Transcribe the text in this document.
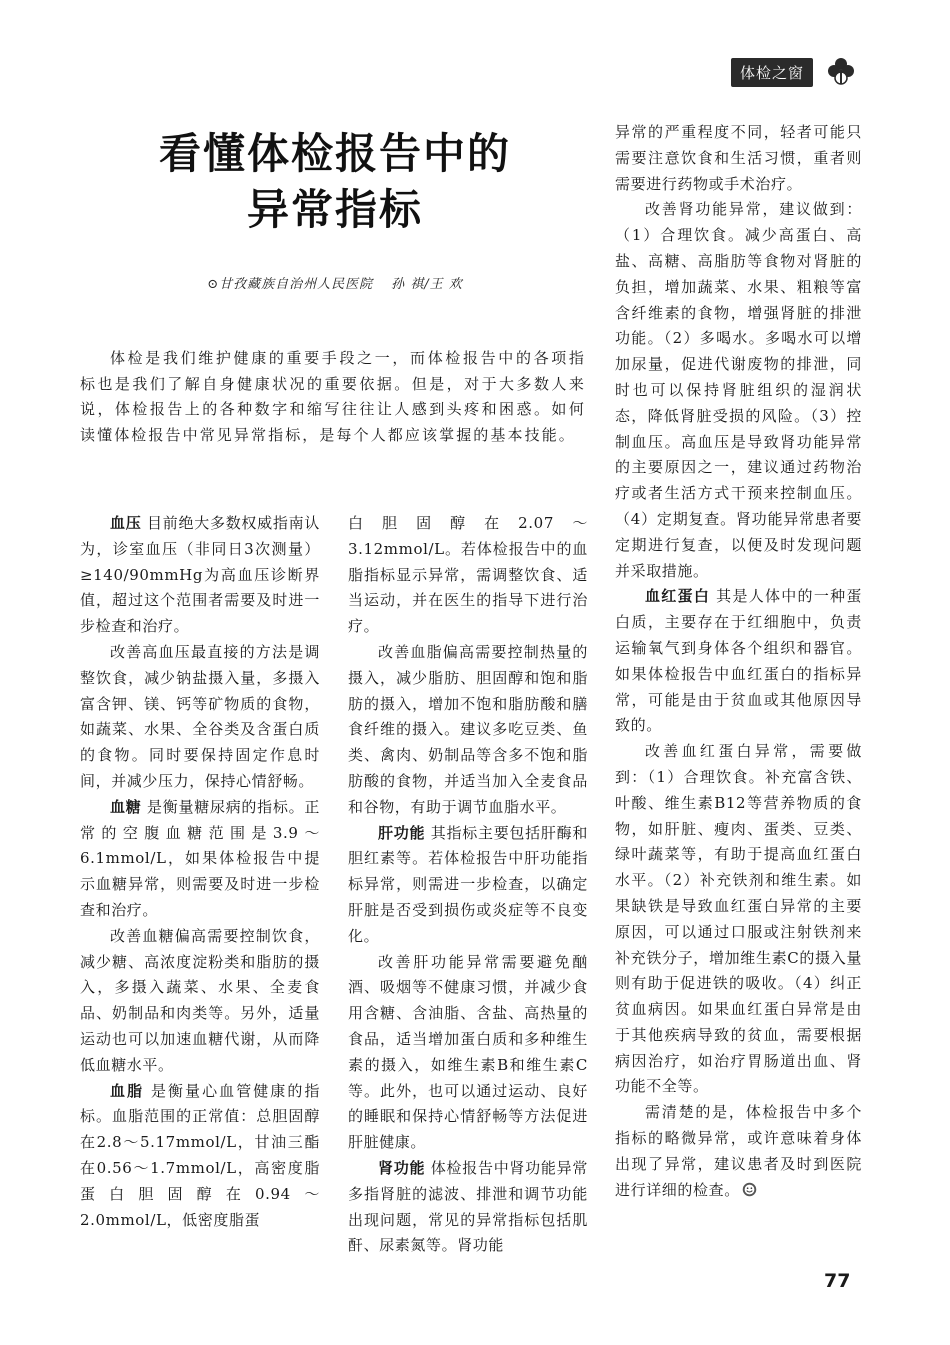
体检之窗
看懂体检报告中的
异常指标
⊙甘孜藏族自治州人民医院 孙 祺/王 欢
体检是我们维护健康的重要手段之一，而体检报告中的各项指标也是我们了解自身健康状况的重要依据。但是，对于大多数人来说，体检报告上的各种数字和缩写往往让人感到头疼和困惑。如何读懂体检报告中常见异常指标，是每个人都应该掌握的基本技能。

血压 目前绝大多数权威指南认为，诊室血压（非同日3次测量）≥140/90mmHg为高血压诊断界值，超过这个范围者需要及时进一步检查和治疗。

改善高血压最直接的方法是调整饮食，减少钠盐摄入量，多摄入富含钾、镁、钙等矿物质的食物，如蔬菜、水果、全谷类及含蛋白质的食物。同时要保持固定作息时间，并减少压力，保持心情舒畅。

血糖 是衡量糖尿病的指标。正常的空腹血糖范围是3.9～6.1mmol/L，如果体检报告中提示血糖异常，则需要及时进一步检查和治疗。

改善血糖偏高需要控制饮食，减少糖、高浓度淀粉类和脂肪的摄入，多摄入蔬菜、水果、全麦食品、奶制品和肉类等。另外，适量运动也可以加速血糖代谢，从而降低血糖水平。

血脂 是衡量心血管健康的指标。血脂范围的正常值：总胆固醇在2.8～5.17mmol/L，甘油三酯在0.56～1.7mmol/L，高密度脂蛋白胆固醇在0.94～2.0mmol/L，低密度脂蛋

白胆固醇在2.07～3.12mmol/L。若体检报告中的血脂指标显示异常，需调整饮食、适当运动，并在医生的指导下进行治疗。

改善血脂偏高需要控制热量的摄入，减少脂肪、胆固醇和饱和脂肪的摄入，增加不饱和脂肪酸和膳食纤维的摄入。建议多吃豆类、鱼类、禽肉、奶制品等含多不饱和脂肪酸的食物，并适当加入全麦食品和谷物，有助于调节血脂水平。

肝功能 其指标主要包括肝酶和胆红素等。若体检报告中肝功能指标异常，则需进一步检查，以确定肝脏是否受到损伤或炎症等不良变化。

改善肝功能异常需要避免酗酒、吸烟等不健康习惯，并减少食用含糖、含油脂、含盐、高热量的食品，适当增加蛋白质和多种维生素的摄入，如维生素B和维生素C等。此外，也可以通过运动、良好的睡眠和保持心情舒畅等方法促进肝脏健康。

肾功能 体检报告中肾功能异常多指肾脏的滤波、排泄和调节功能出现问题，常见的异常指标包括肌酐、尿素氮等。肾功能

异常的严重程度不同，轻者可能只需要注意饮食和生活习惯，重者则需要进行药物或手术治疗。

改善肾功能异常，建议做到：（1）合理饮食。减少高蛋白、高盐、高糖、高脂肪等食物对肾脏的负担，增加蔬菜、水果、粗粮等富含纤维素的食物，增强肾脏的排泄功能。（2）多喝水。多喝水可以增加尿量，促进代谢废物的排泄，同时也可以保持肾脏组织的湿润状态，降低肾脏受损的风险。（3）控制血压。高血压是导致肾功能异常的主要原因之一，建议通过药物治疗或者生活方式干预来控制血压。（4）定期复查。肾功能异常患者要定期进行复查，以便及时发现问题并采取措施。

血红蛋白 其是人体中的一种蛋白质，主要存在于红细胞中，负责运输氧气到身体各个组织和器官。如果体检报告中血红蛋白的指标异常，可能是由于贫血或其他原因导致的。

改善血红蛋白异常，需要做到：（1）合理饮食。补充富含铁、叶酸、维生素B12等营养物质的食物，如肝脏、瘦肉、蛋类、豆类、绿叶蔬菜等，有助于提高血红蛋白水平。（2）补充铁剂和维生素。如果缺铁是导致血红蛋白异常的主要原因，可以通过口服或注射铁剂来补充铁分子，增加维生素C的摄入量则有助于促进铁的吸收。（4）纠正贫血病因。如果血红蛋白异常是由于其他疾病导致的贫血，需要根据病因治疗，如治疗胃肠道出血、肾功能不全等。

需清楚的是，体检报告中多个指标的略微异常，或许意味着身体出现了异常，建议患者及时到医院进行详细的检查。

77
